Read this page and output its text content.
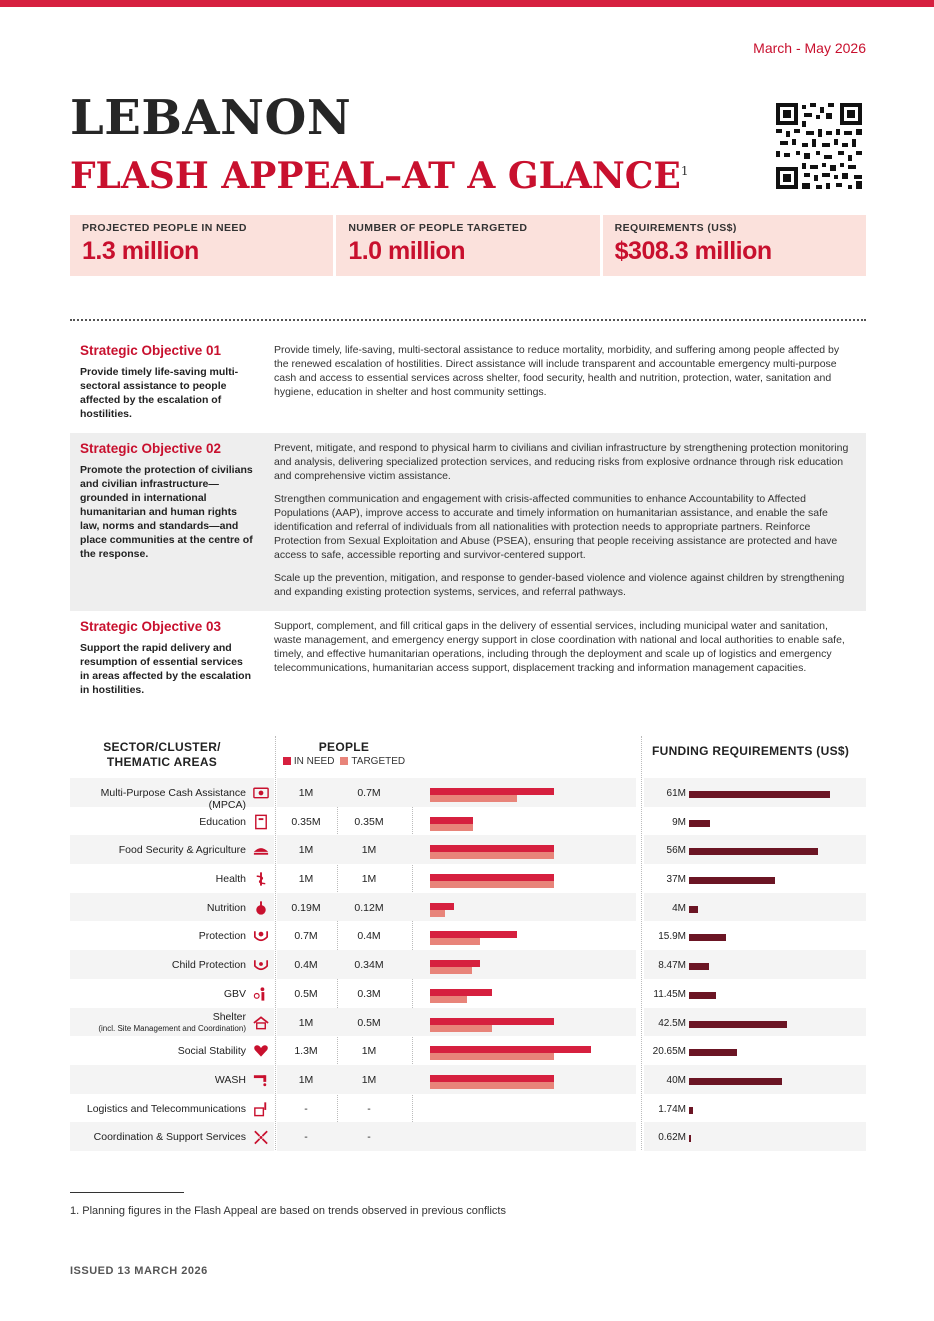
March - May 2026
LEBANON
FLASH APPEAL–AT A GLANCE$^1$
PROJECTED PEOPLE IN NEED
1.3 million
NUMBER OF PEOPLE TARGETED
1.0 million
REQUIREMENTS (US$)
$308.3 million
Strategic Objective 01
Provide timely life-saving multi-sectoral assistance to people affected by the escalation of hostilities.

Provide timely, life-saving, multi-sectoral assistance to reduce mortality, morbidity, and suffering among people affected by the renewed escalation of hostilities. Direct assistance will include transparent and accountable emergency multi-purpose cash and access to essential services across shelter, food security, health and nutrition, protection, water, sanitation and hygiene, education in shelter and host community settings.

Strategic Objective 02
Promote the protection of civilians and civilian infrastructure—grounded in international humanitarian and human rights law, norms and standards—and place communities at the centre of the response.

Prevent, mitigate, and respond to physical harm to civilians and civilian infrastructure by strengthening protection monitoring and analysis, delivering specialized protection services, and reducing risks from explosive ordnance through risk education and comprehensive victim assistance.

Strengthen communication and engagement with crisis-affected communities to enhance Accountability to Affected Populations (AAP), improve access to accurate and timely information on humanitarian assistance, and enable the safe identification and referral of individuals from all nationalities with protection needs to appropriate partners. Reinforce Protection from Sexual Exploitation and Abuse (PSEA), ensuring that people receiving assistance are protected and have access to safe, accessible reporting and survivor-centered support.

Scale up the prevention, mitigation, and response to gender-based violence and violence against children by strengthening and expanding existing protection systems, services, and referral pathways.

Strategic Objective 03
Support the rapid delivery and resumption of essential services in areas affected by the escalation in hostilities.

Support, complement, and fill critical gaps in the delivery of essential services, including municipal water and sanitation, waste management, and emergency energy support in close coordination with national and local authorities to enable safe, timely, and effective humanitarian operations, including through the deployment and scale up of logistics and emergency telecommunications, humanitarian access support, displacement tracking and information management capacities.

SECTOR/CLUSTER/
THEMATIC AREAS
PEOPLE
IN NEED	TARGETED
FUNDING REQUIREMENTS (US$)
Multi-Purpose Cash Assistance (MPCA)
1M	0.7M	61M
Education	0.35M	0.35M	9M
Food Security & Agriculture	1M	1M	56M
Health	1M	1M	37M
Nutrition	0.19M	0.12M	4M
Protection	0.7M	0.4M	15.9M
Child Protection	0.4M	0.34M	8.47M
GBV	0.5M	0.3M	11.45M
Shelter
(incl. Site Management and Coordination)	1M	0.5M	42.5M
Social Stability	1.3M	1M	20.65M
WASH	1M	1M	40M
Logistics and Telecommunications	-	-	1.74M
Coordination & Support Services	-	-	0.62M
1. Planning figures in the Flash Appeal are based on trends observed in previous conflicts
ISSUED 13 MARCH 2026
